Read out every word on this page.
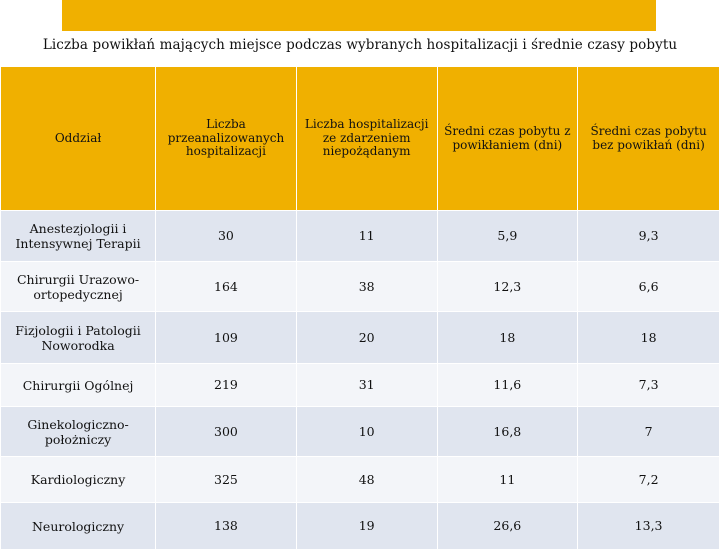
Liczba powikłań mających miejsce podczas wybranych hospitalizacji i średnie czasy pobytu
Oddział	Liczba przeanalizowanych hospitalizacji	Liczba hospitalizacji ze zdarzeniem niepożądanym	Średni czas pobytu z powikłaniem (dni)	Średni czas pobytu bez powikłań (dni)
Anestezjologii i Intensywnej Terapii	30	11	5,9	9,3
Chirurgii Urazowo-ortopedycznej	164	38	12,3	6,6
Fizjologii i Patologii Noworodka	109	20	18	18
Chirurgii Ogólnej	219	31	11,6	7,3
Ginekologiczno-położniczy	300	10	16,8	7
Kardiologiczny	325	48	11	7,2
Neurologiczny	138	19	26,6	13,3
